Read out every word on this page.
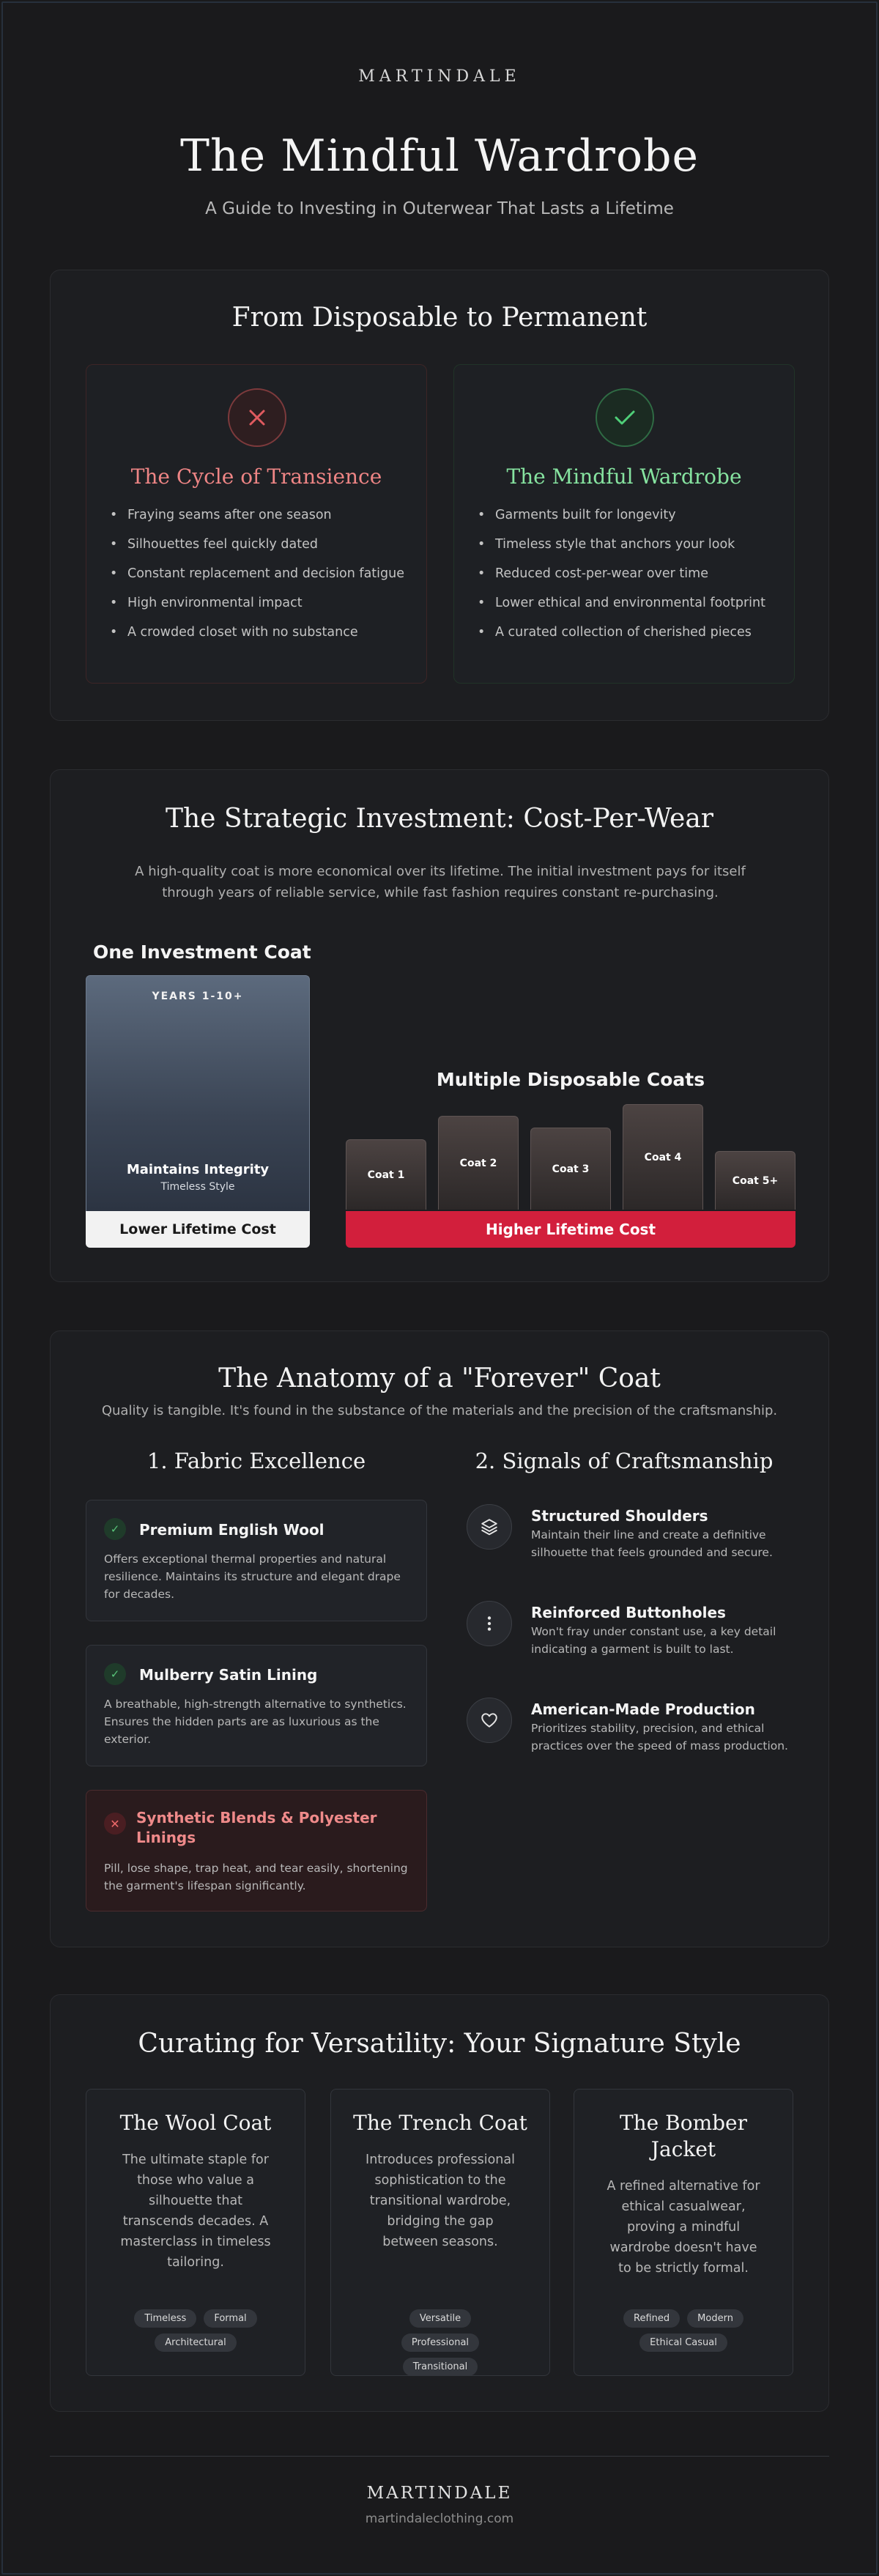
MARTINDALE
The Mindful Wardrobe
A Guide to Investing in Outerwear That Lasts a Lifetime
From Disposable to Permanent
The Cycle of Transience
• Fraying seams after one season
• Silhouettes feel quickly dated
• Constant replacement and decision fatigue
• High environmental impact
• A crowded closet with no substance
The Mindful Wardrobe
• Garments built for longevity
• Timeless style that anchors your look
• Reduced cost-per-wear over time
• Lower ethical and environmental footprint
• A curated collection of cherished pieces
The Strategic Investment: Cost-Per-Wear
A high-quality coat is more economical over its lifetime. The initial investment pays for itself through years of reliable service, while fast fashion requires constant re-purchasing.
One Investment Coat
YEARS 1-10+
Maintains Integrity
Timeless Style
Lower Lifetime Cost
Multiple Disposable Coats
Coat 1
Coat 2	Coat 3
Coat 4
Coat 5+
Higher Lifetime Cost
The Anatomy of a "Forever" Coat
Quality is tangible. It's found in the substance of the materials and the precision of the craftsmanship.
1. Fabric Excellence	2. Signals of Craftsmanship
✓	Premium English Wool
Offers exceptional thermal properties and natural resilience. Maintains its structure and elegant drape for decades.
✓	Mulberry Satin Lining
A breathable, high-strength alternative to synthetics. Ensures the hidden parts are as luxurious as the exterior.
✕	Synthetic Blends & Polyester Linings
Pill, lose shape, trap heat, and tear easily, shortening the garment's lifespan significantly.
Structured Shoulders
Maintain their line and create a definitive silhouette that feels grounded and secure.
Reinforced Buttonholes
Won't fray under constant use, a key detail indicating a garment is built to last.
American-Made Production
Prioritizes stability, precision, and ethical practices over the speed of mass production.
Curating for Versatility: Your Signature Style
The Wool Coat
The ultimate staple for those who value a silhouette that transcends decades. A masterclass in timeless tailoring.
Timeless	Formal
Architectural
The Trench Coat
Introduces professional sophistication to the transitional wardrobe, bridging the gap between seasons.
Versatile
Professional
Transitional
The Bomber Jacket
A refined alternative for ethical casualwear, proving a mindful wardrobe doesn't have to be strictly formal.
Refined	Modern
Ethical Casual
MARTINDALE
martindaleclothing.com
